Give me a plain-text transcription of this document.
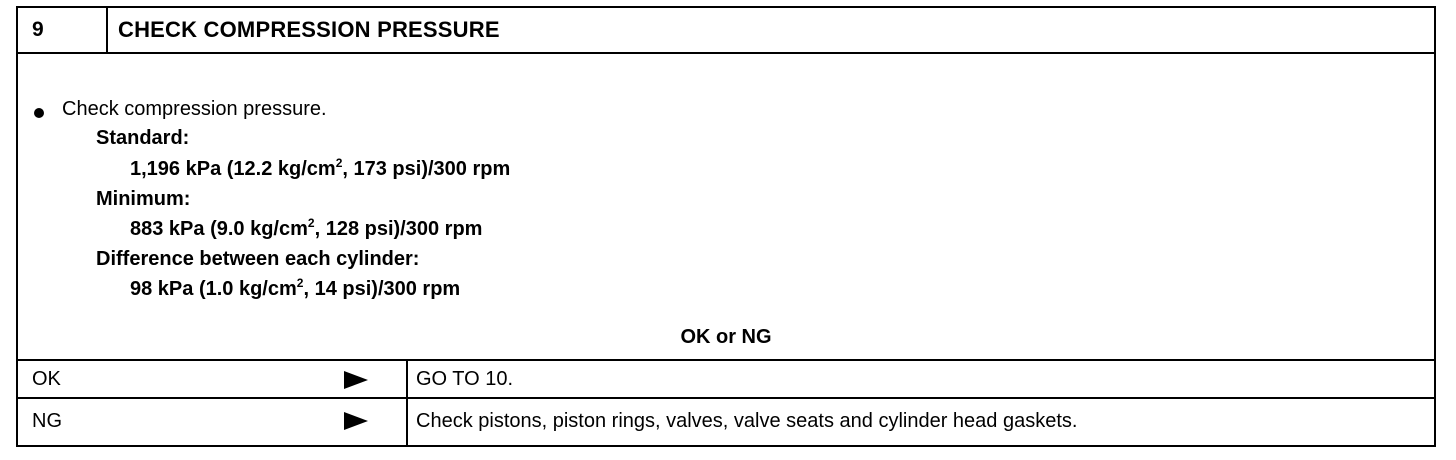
9	CHECK COMPRESSION PRESSURE
Check compression pressure.
Standard:
1,196 kPa (12.2 $kg/cm^2$, 173 psi)/300 rpm
Minimum:
883 kPa (9.0 $kg/cm^2$, 128 psi)/300 rpm
Difference between each cylinder:
98 kPa (1.0 $kg/cm^2$, 14 psi)/300 rpm
OK or NG
OK	GO TO 10.
NG	Check pistons, piston rings, valves, valve seats and cylinder head gaskets.
